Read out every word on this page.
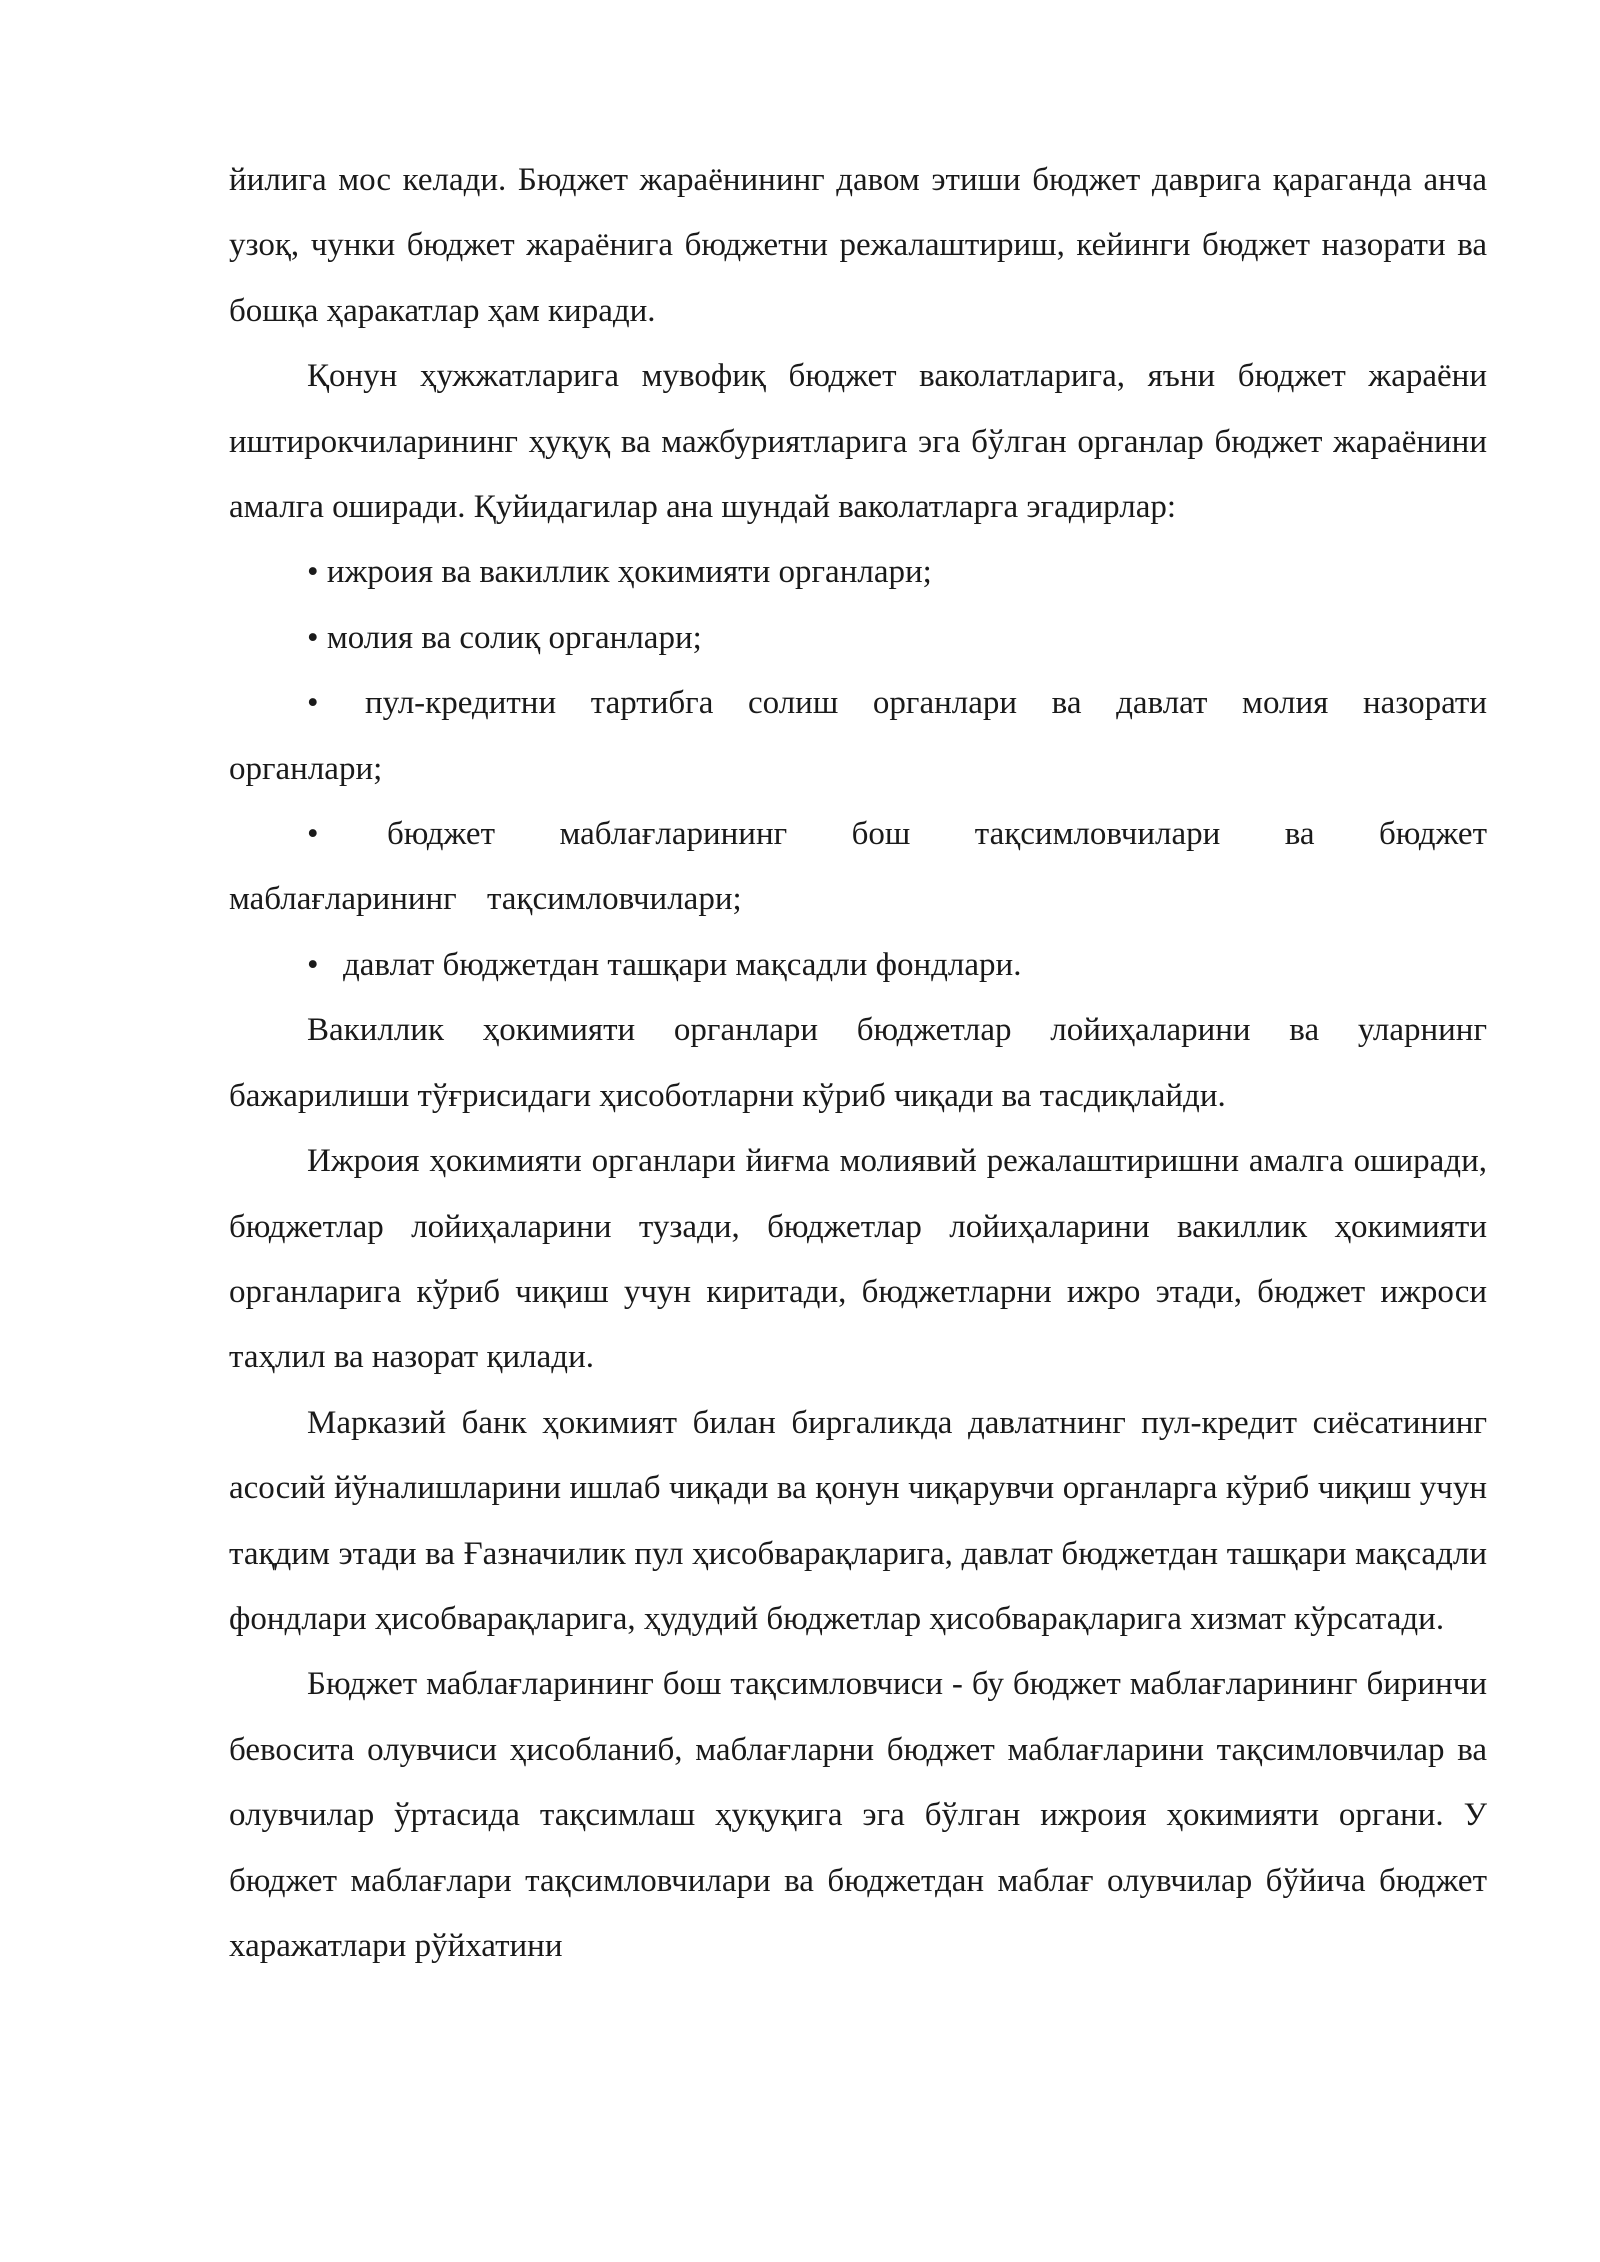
йилига мос келади. Бюджет жараёнининг давом этиши бюджет даврига қараганда анча узоқ, чунки бюджет жараёнига бюджетни режалаштириш, кейинги бюджет назорати ва бошқа ҳаракатлар ҳам киради.

Қонун ҳужжатларига мувофиқ бюджет ваколатларига, яъни бюджет жараёни иштирокчиларининг ҳуқуқ ва мажбуриятларига эга бўлган органлар бюджет жараёнини амалга оширади. Қуйидагилар ана шундай ваколатларга эгадирлар:

• ижроия ва вакиллик ҳокимияти органлари;

• молия ва солиқ органлари;

• пул-кредитни тартибга солиш органлари ва давлат молия назорати органлари;

• бюджет маблағларининг бош тақсимловчилари ва бюджет маблағларининг тақсимловчилари;

• давлат бюджетдан ташқари мақсадли фондлари.

Вакиллик ҳокимияти органлари бюджетлар лойиҳаларини ва уларнинг бажарилиши тўғрисидаги ҳисоботларни кўриб чиқади ва тасдиқлайди.

Ижроия ҳокимияти органлари йиғма молиявий режалаштиришни амалга оширади, бюджетлар лойиҳаларини тузади, бюджетлар лойиҳаларини вакиллик ҳокимияти органларига кўриб чиқиш учун киритади, бюджетларни ижро этади, бюджет ижроси таҳлил ва назорат қилади.

Марказий банк ҳокимият билан биргаликда давлатнинг пул-кредит сиёсатининг асосий йўналишларини ишлаб чиқади ва қонун чиқарувчи органларга кўриб чиқиш учун тақдим этади ва Ғазначилик пул ҳисобварақларига, давлат бюджетдан ташқари мақсадли фондлари ҳисобварақларига, ҳудудий бюджетлар ҳисобварақларига хизмат кўрсатади.

Бюджет маблағларининг бош тақсимловчиси - бу бюджет маблағларининг биринчи бевосита олувчиси ҳисобланиб, маблағларни бюджет маблағларини тақсимловчилар ва олувчилар ўртасида тақсимлаш ҳуқуқига эга бўлган ижроия ҳокимияти органи. У бюджет маблағлари тақсимловчилари ва бюджетдан маблағ олувчилар бўйича бюджет харажатлари рўйхатини
